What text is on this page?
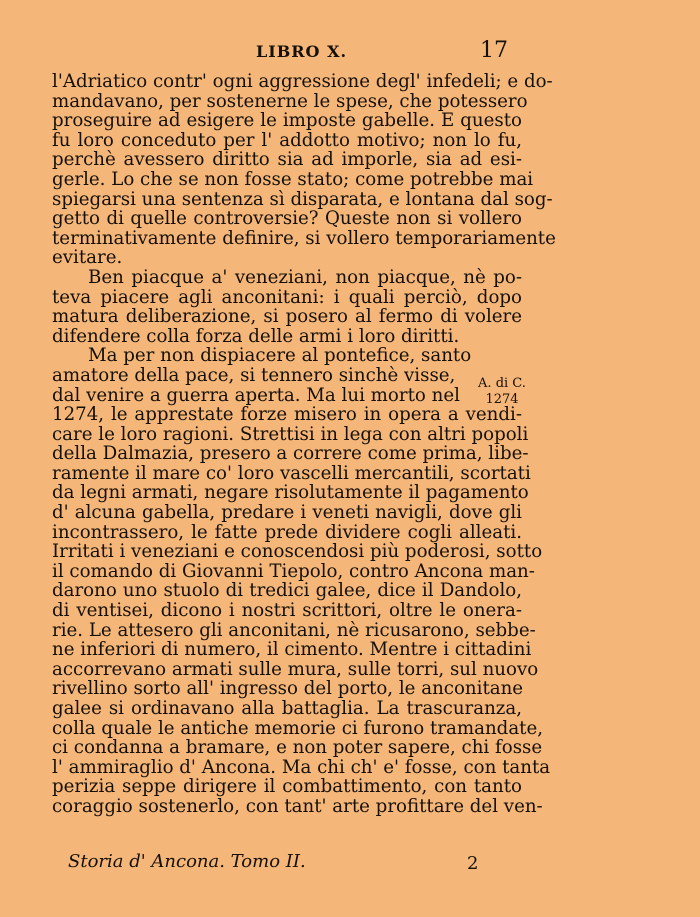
LIBRO X.	17
l'Adriatico contr' ogni aggressione degl' infedeli; e do-
mandavano, per sostenerne le spese, che potessero
proseguire ad esigere le imposte gabelle. E questo
fu loro conceduto per l' addotto motivo; non lo fu,
perchè avessero diritto sia ad imporle, sia ad esi-
gerle. Lo che se non fosse stato; come potrebbe mai
spiegarsi una sentenza sì disparata, e lontana dal sog-
getto di quelle controversie? Queste non si vollero
terminativamente definire, si vollero temporariamente
evitare.
Ben piacque a' veneziani, non piacque, nè po-
teva piacere agli anconitani: i quali perciò, dopo
matura deliberazione, si posero al fermo di volere
difendere colla forza delle armi i loro diritti.
Ma per non dispiacere al pontefice, santo
amatore della pace, si tennero sinchè visse,
dal venire a guerra aperta. Ma lui morto nel
1274, le apprestate forze misero in opera a vendi-
care le loro ragioni. Strettisi in lega con altri popoli
della Dalmazia, presero a correre come prima, libe-
ramente il mare co' loro vascelli mercantili, scortati
da legni armati, negare risolutamente il pagamento
d' alcuna gabella, predare i veneti navigli, dove gli
incontrassero, le fatte prede dividere cogli alleati.
Irritati i veneziani e conoscendosi più poderosi, sotto
il comando di Giovanni Tiepolo, contro Ancona man-
darono uno stuolo di tredici galee, dice il Dandolo,
di ventisei, dicono i nostri scrittori, oltre le onera-
rie. Le attesero gli anconitani, nè ricusarono, sebbe-
ne inferiori di numero, il cimento. Mentre i cittadini
accorrevano armati sulle mura, sulle torri, sul nuovo
rivellino sorto all' ingresso del porto, le anconitane
galee si ordinavano alla battaglia. La trascuranza,
colla quale le antiche memorie ci furono tramandate,
ci condanna a bramare, e non poter sapere, chi fosse
l' ammiraglio d' Ancona. Ma chi ch' e' fosse, con tanta
perizia seppe dirigere il combattimento, con tanto
coraggio sostenerlo, con tant' arte profittare del ven-
A. di C.
1274
Storia d' Ancona. Tomo II.	2
